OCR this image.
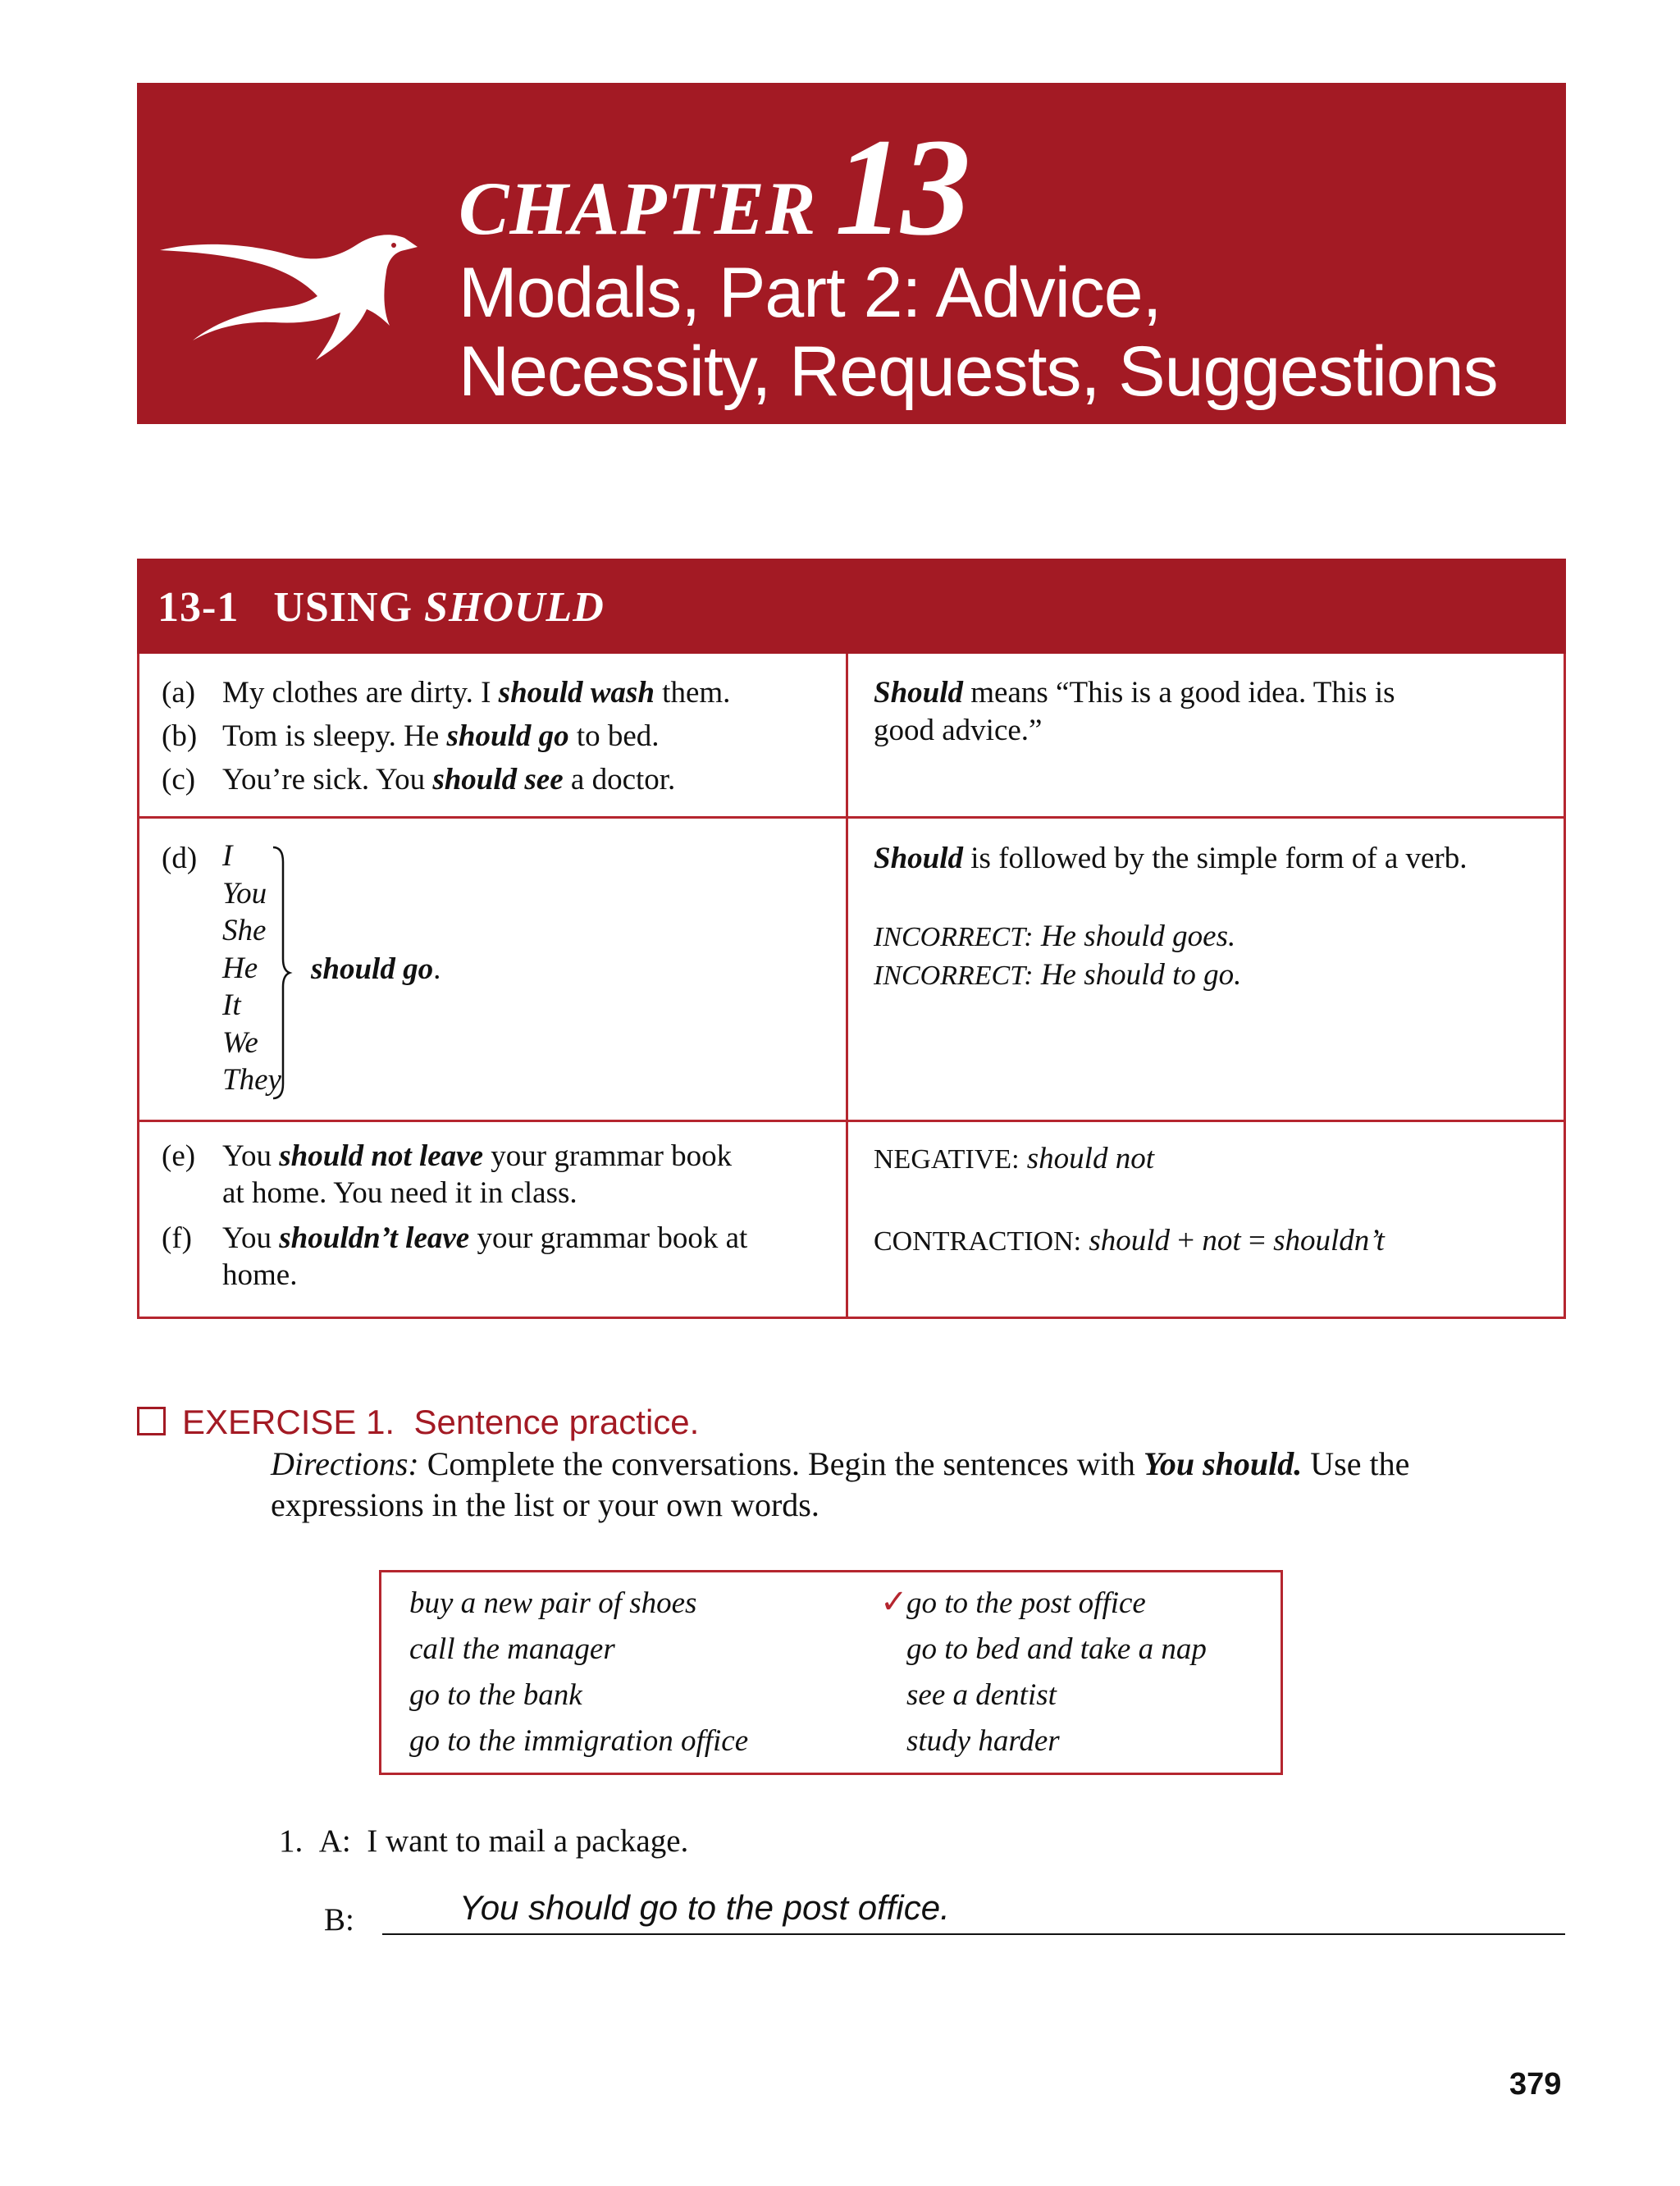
CHAPTER 13
Modals, Part 2: Advice,
Necessity, Requests, Suggestions
13-1 USING SHOULD
(a) My clothes are dirty. I should wash them.
(b) Tom is sleepy. He should go to bed.
(c) You’re sick. You should see a doctor.
Should means “This is a good idea. This is
good advice.”
(d) I
You
She
He
It
We
They
should go.
Should is followed by the simple form of a verb.
INCORRECT: He should goes.
INCORRECT: He should to go.
(e) You should not leave your grammar book
at home. You need it in class.
(f)	You shouldn’t leave your grammar book at
home.
NEGATIVE: should not
CONTRACTION: should + not = shouldn’t
EXERCISE 1. Sentence practice.
Directions: Complete the conversations. Begin the sentences with You should. Use the expressions in the list or your own words.
buy a new pair of shoes
call the manager
go to the bank
go to the immigration office
✓
go to the post office
go to bed and take a nap
see a dentist
study harder
1. A: I want to mail a package.
B:	You should go to the post office.
379
